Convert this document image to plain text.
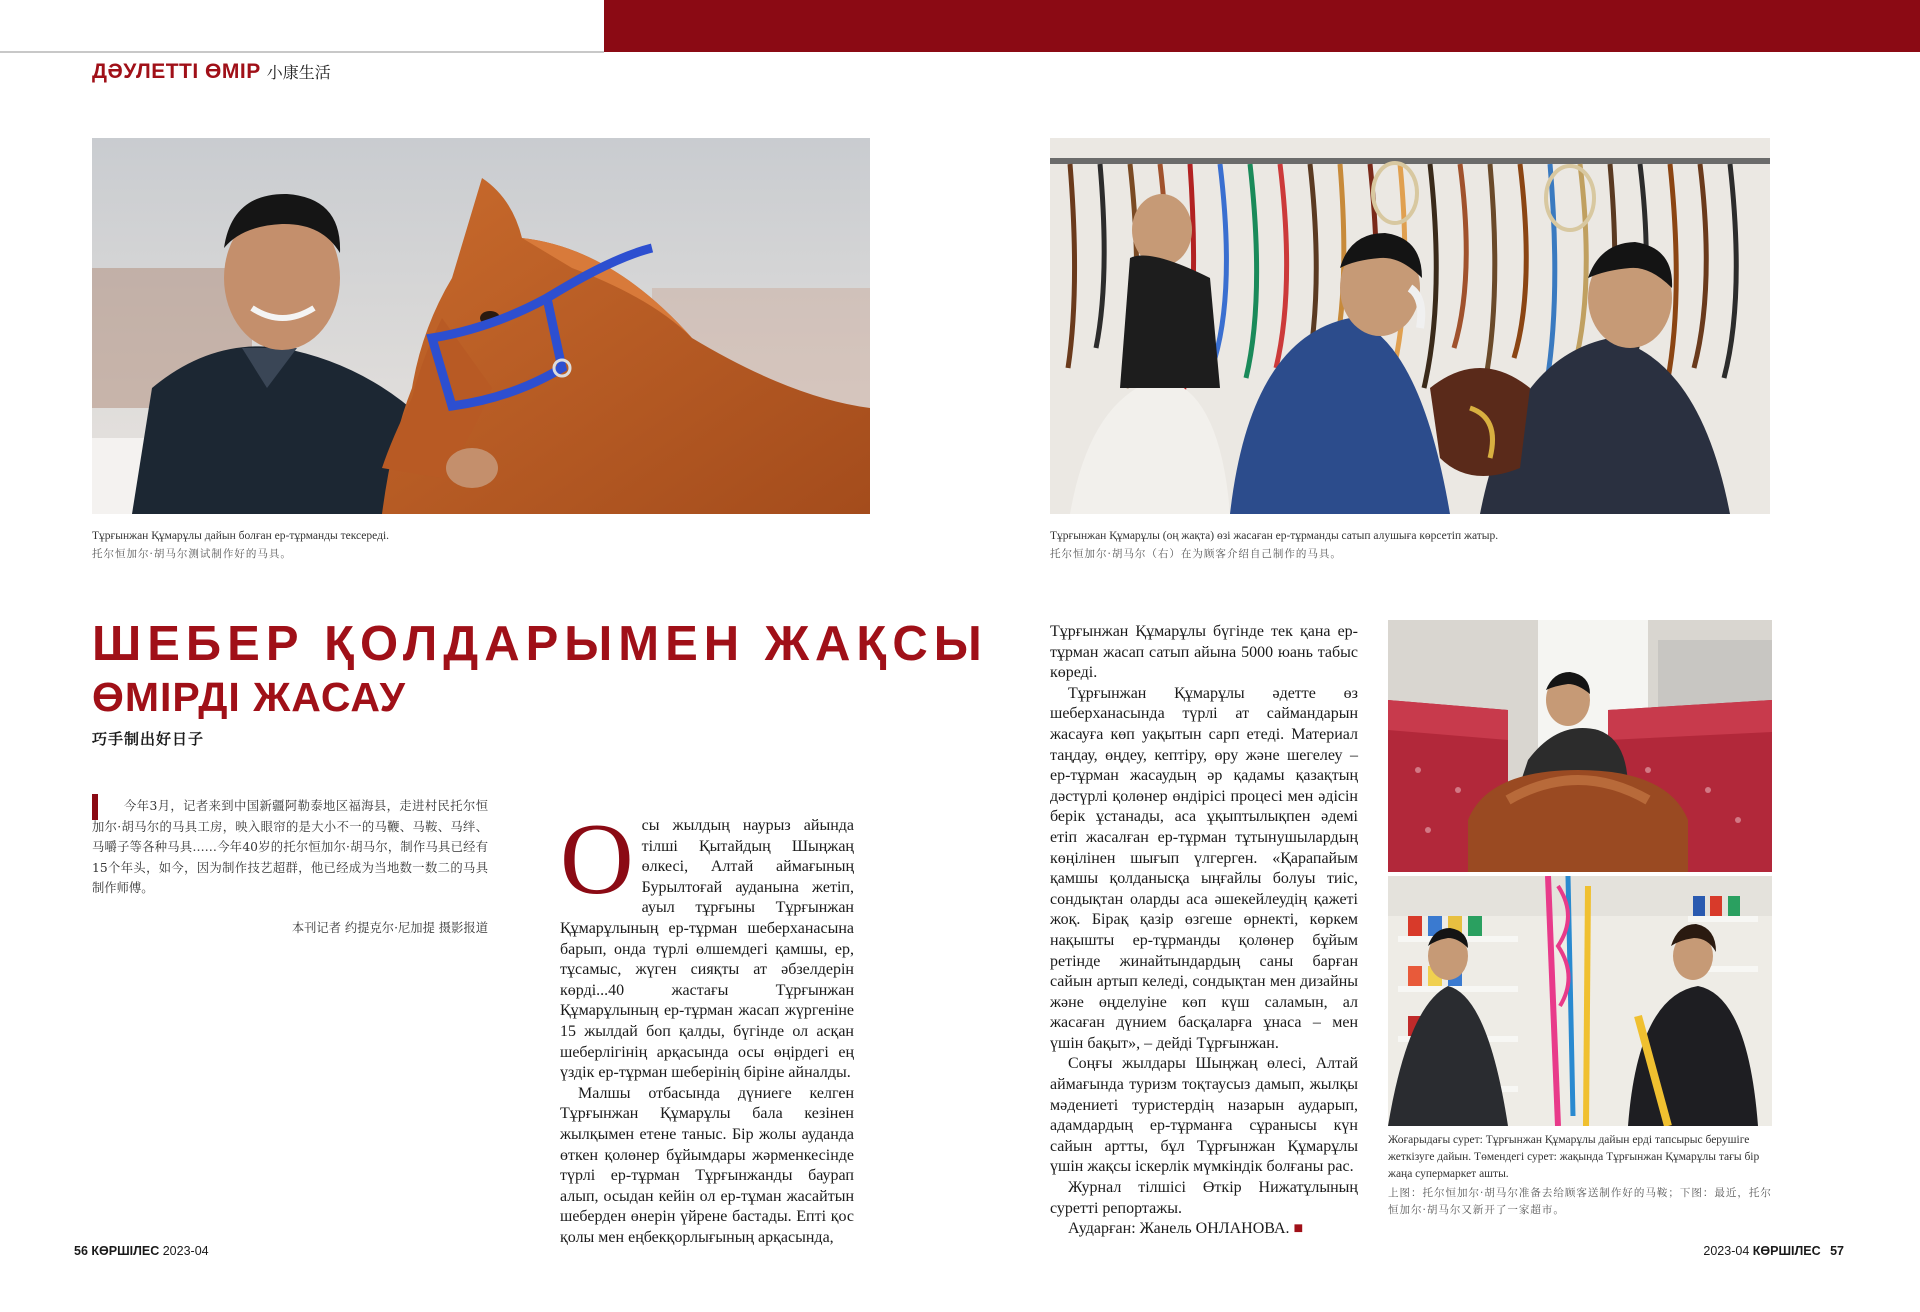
ДӘУЛЕТТІ ӨМІР 小康生活
Тұрғынжан Құмарұлы дайын болған ер-тұрманды тексереді.
托尔恒加尔·胡马尔测试制作好的马具。
Тұрғынжан Құмарұлы (оң жақта) өзі жасаған ер-тұрманды сатып алушыға көрсетіп жатыр.
托尔恒加尔·胡马尔（右）在为顾客介绍自己制作的马具。
ШЕБЕР ҚОЛДАРЫМЕН ЖАҚСЫ
ӨМІРДІ ЖАСАУ
巧手制出好日子
今年3月，记者来到中国新疆阿勒泰地区福海县，走进村民托尔恒加尔·胡马尔的马具工房，映入眼帘的是大小不一的马鞭、马鞍、马绊、马嚼子等各种马具……今年40岁的托尔恒加尔·胡马尔，制作马具已经有15个年头，如今，因为制作技艺超群，他已经成为当地数一数二的马具制作师傅。
本刊记者 约提克尔·尼加提 摄影报道

Осы жылдың наурыз айында тілші Қытайдың Шыңжаң өлкесі, Алтай аймағының Бурылтоғай ауданына жетіп, ауыл тұрғыны Тұрғынжан Құмарұлының ер-тұрман шеберханасына барып, онда түрлі өлшемдегі қамшы, ер, тұсамыс, жүген сияқты ат әбзелдерін көрді...40 жастағы Тұрғынжан Құмарұлының ер-тұрман жасап жүргеніне 15 жылдай боп қалды, бүгінде ол асқан шеберлігінің арқасында осы өңірдегі ең үздік ер-тұрман шеберінің біріне айналды.

Малшы отбасында дүниеге келген Тұрғынжан Құмарұлы бала кезінен жылқымен етене таныс. Бір жолы ауданда өткен қолөнер бұйымдары жәрменкесінде түрлі ер-тұрман Тұрғынжанды баурап алып, осыдан кейін ол ер-тұман жасайтын шеберден өнерін үйрене бастады. Епті қос қолы мен еңбекқорлығының арқасында,

Тұрғынжан Құмарұлы бүгінде тек қана ер-тұрман жасап сатып айына 5000 юань табыс көреді.

Тұрғынжан Құмарұлы әдетте өз шеберханасында түрлі ат саймандарын жасауға көп уақытын сарп етеді. Материал таңдау, өңдеу, кептіру, өру және шегелеу – ер-тұрман жасаудың әр қадамы қазақтың дәстүрлі қолөнер өндірісі процесі мен әдісін берік ұстанады, аса ұқыптылықпен әдемі етіп жасалған ер-тұрман тұтынушылардың көңілінен шығып үлгерген. «Қарапайым қамшы қолданысқа ыңғайлы болуы тиіс, сондықтан оларды аса әшекейлеудің қажеті жоқ. Бірақ қазір өзгеше өрнекті, көркем нақышты ер-тұрманды қолөнер бұйым ретінде жинайтындардың саны барған сайын артып келеді, сондықтан мен дизайны және өңделуіне көп күш саламын, ал жасаған дүнием басқаларға ұнаса – мен үшін бақыт», – дейді Тұрғынжан.

Соңғы жылдары Шыңжаң өлесі, Алтай аймағында туризм тоқтаусыз дамып, жылқы мәдениеті туристердің назарын аударып, адамдардың ер-тұрманға сұранысы күн сайын артты, бұл Тұрғынжан Құмарұлы үшін жақсы іскерлік мүмкіндік болғаны рас.

Журнал тілшісі Өткір Нижатұлының суретті репортажы.

Аударған: Жанель ОНЛАНОВА. ■

Жоғарыдағы сурет: Тұрғынжан Құмарұлы дайын ерді тапсырыс берушіге жеткізуге дайын. Төмендегі сурет: жақында Тұрғынжан Құмарұлы тағы бір жаңа супермаркет ашты.
上图：托尔恒加尔·胡马尔准备去给顾客送制作好的马鞍；下图：最近，托尔恒加尔·胡马尔又新开了一家超市。
56 КӨРШІЛЕС 2023-04	2023-04 КӨРШІЛЕС 57
